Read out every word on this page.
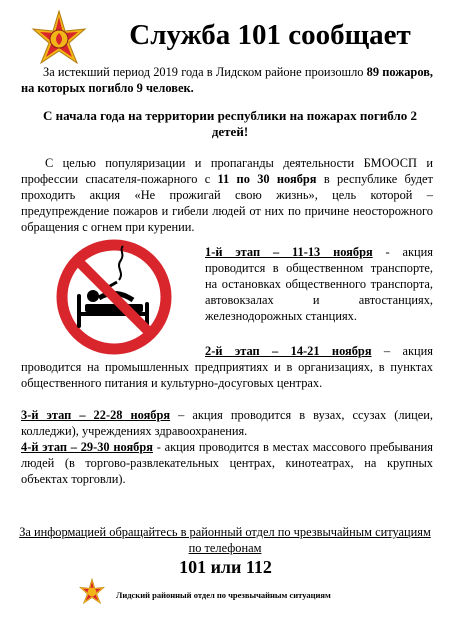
Служба 101 сообщает
За истекший период 2019 года в Лидском районе произошло 89 пожаров, на которых погибло 9 человек.
С начала года на территории республики на пожарах погибло 2 детей!
С целью популяризации и пропаганды деятельности БМООСП и профессии спасателя-пожарного с 11 по 30 ноября в республике будет проходить акция «Не прожигай свою жизнь», цель которой – предупреждение пожаров и гибели людей от них по причине неосторожного обращения с огнем при курении.
1-й этап – 11-13 ноября - акция проводится в общественном транспорте, на остановках общественного транспорта, автовокзалах и автостанциях, железнодорожных станциях.
2-й этап – 14-21 ноября – акция проводится на промышленных предприятиях и в организациях, в пунктах общественного питания и культурно-досуговых центрах.
3-й этап – 22-28 ноября – акция проводится в вузах, ссузах (лицеи, колледжи), учреждениях здравоохранения.
4-й этап – 29-30 ноября - акция проводится в местах массового пребывания людей (в торгово-развлекательных центрах, кинотеатрах, на крупных объектах торговли).
За информацией обращайтесь в районный отдел по чрезвычайным ситуациям по телефонам
101 или 112
Лидский районный отдел по чрезвычайным ситуациям
